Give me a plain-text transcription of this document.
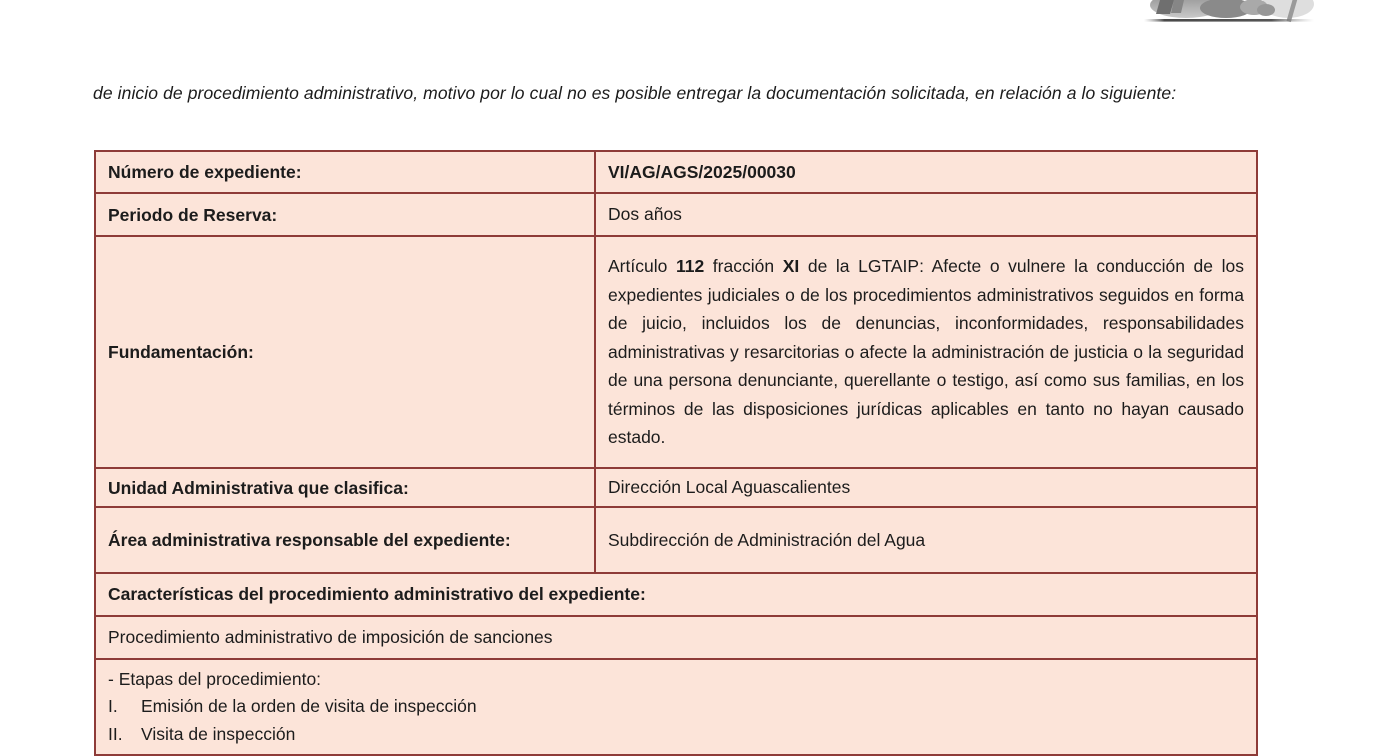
de inicio de procedimiento administrativo, motivo por lo cual no es posible entregar la documentación solicitada, en relación a lo siguiente:

Número de expediente:	VI/AG/AGS/2025/00030
Periodo de Reserva:	Dos años
Fundamentación:	Artículo 112 fracción XI de la LGTAIP: Afecte o vulnere la conducción de los expedientes judiciales o de los procedimientos administrativos seguidos en forma de juicio, incluidos los de denuncias, inconformidades, responsabilidades administrativas y resarcitorias o afecte la administración de justicia o la seguridad de una persona denunciante, querellante o testigo, así como sus familias, en los términos de las disposiciones jurídicas aplicables en tanto no hayan causado estado.
Unidad Administrativa que clasifica:	Dirección Local Aguascalientes
Área administrativa responsable del expediente:	Subdirección de Administración del Agua
Características del procedimiento administrativo del expediente:	
Procedimiento administrativo de imposición de sanciones	

- Etapas del procedimiento:
I. Emisión de la orden de visita de inspección
II. Visita de inspección	
